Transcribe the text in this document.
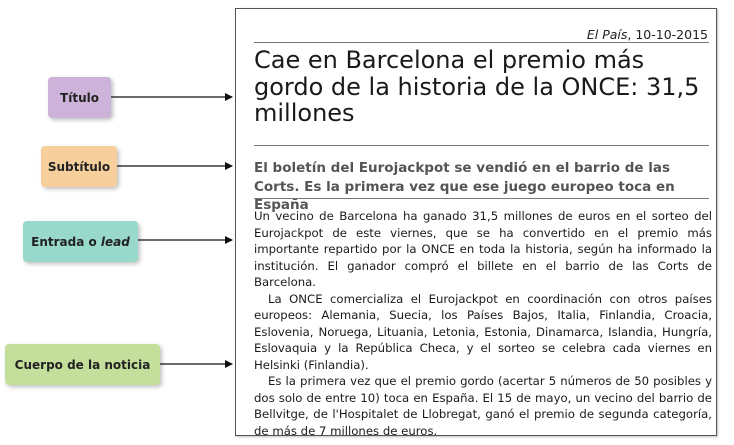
Título
Subtítulo
Entrada o lead
Cuerpo de la noticia
El País, 10-10-2015
Cae en Barcelona el premio más gordo de la historia de la ONCE: 31,5 millones
El boletín del Eurojackpot se vendió en el barrio de las Corts. Es la primera vez que ese juego europeo toca en España

Un vecino de Barcelona ha ganado 31,5 millones de euros en el sorteo del Eurojackpot de este viernes, que se ha convertido en el premio más importante repartido por la ONCE en toda la historia, según ha informado la institución. El ganador compró el billete en el barrio de las Corts de Barcelona.

La ONCE comercializa el Eurojackpot en coordinación con otros países europeos: Alemania, Suecia, los Países Bajos, Italia, Finlandia, Croacia, Eslovenia, Noruega, Lituania, Letonia, Estonia, Dinamarca, Islandia, Hungría, Eslovaquia y la República Checa, y el sorteo se celebra cada viernes en Helsinki (Finlandia).

Es la primera vez que el premio gordo (acertar 5 números de 50 posibles y dos solo de entre 10) toca en España. El 15 de mayo, un vecino del barrio de Bellvitge, de l'Hospitalet de Llobregat, ganó el premio de segunda categoría, de más de 7 millones de euros.
